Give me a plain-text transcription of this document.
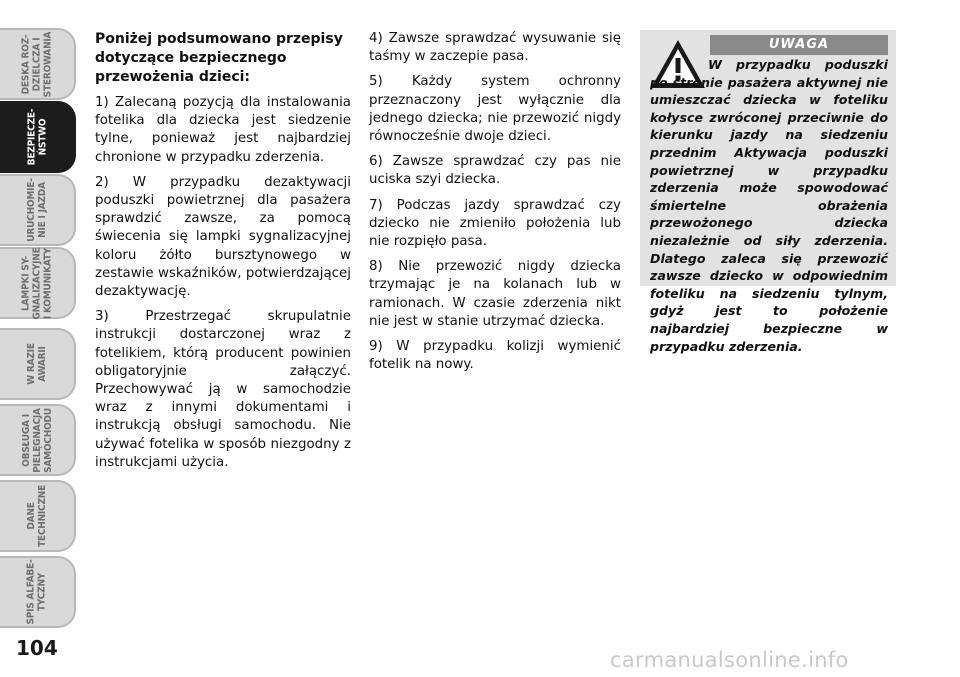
DESKA ROZ-
DZIELCZA I
STEROWANIA
BEZPIECZE-
ŃSTWO
URUCHOMIE-
NIE I JAZDA
LAMPKI SY-
GNALIZACYJNE
I KOMUNIKATY
W RAZIE
AWARII
OBSŁUGA I
PIELĘGNACJA
SAMOCHODU
DANE
TECHNICZNE
SPIS ALFABE-
TYCZNY
104

Poniżej podsumowano przepisy dotyczące bezpiecznego przewożenia dzieci:

1) Zalecaną pozycją dla instalowania fotelika dla dziecka jest siedzenie tylne, ponieważ jest najbardziej chronione w przypadku zderzenia.

2) W przypadku dezaktywacji poduszki powietrznej dla pasażera sprawdzić zawsze, za pomocą świecenia się lampki sygnalizacyjnej koloru żółto bursztynowego w zestawie wskaźników, potwierdzającej dezaktywację.

3) Przestrzegać skrupulatnie instrukcji dostarczonej wraz z fotelikiem, którą producent powinien obligatoryjnie załączyć. Przechowywać ją w samochodzie wraz z innymi dokumentami i instrukcją obsługi samochodu. Nie używać fotelika w sposób niezgodny z instrukcjami użycia.

4) Zawsze sprawdzać wysuwanie się taśmy w zaczepie pasa.

5) Każdy system ochronny przeznaczony jest wyłącznie dla jednego dziecka; nie przewozić nigdy równocześnie dwoje dzieci.

6) Zawsze sprawdzać czy pas nie uciska szyi dziecka.

7) Podczas jazdy sprawdzać czy dziecko nie zmieniło położenia lub nie rozpięło pasa.

8) Nie przewozić nigdy dziecka trzymając je na kolanach lub w ramionach. W czasie zderzenia nikt nie jest w stanie utrzymać dziecka.

9) W przypadku kolizji wymienić fotelik na nowy.

UWAGA
W przypadku poduszki po stronie pasażera aktywnej nie umieszczać dziecka w foteliku kołysce zwróconej przeciwnie do kierunku jazdy na siedzeniu przednim Aktywacja poduszki powietrznej w przypadku zderzenia może spowodować śmiertelne obrażenia przewożonego dziecka niezależnie od siły zderzenia. Dlatego zaleca się przewozić zawsze dziecko w odpowiednim foteliku na siedzeniu tylnym, gdyż jest to położenie najbardziej bezpieczne w przypadku zderzenia.
carmanualsonline.info
